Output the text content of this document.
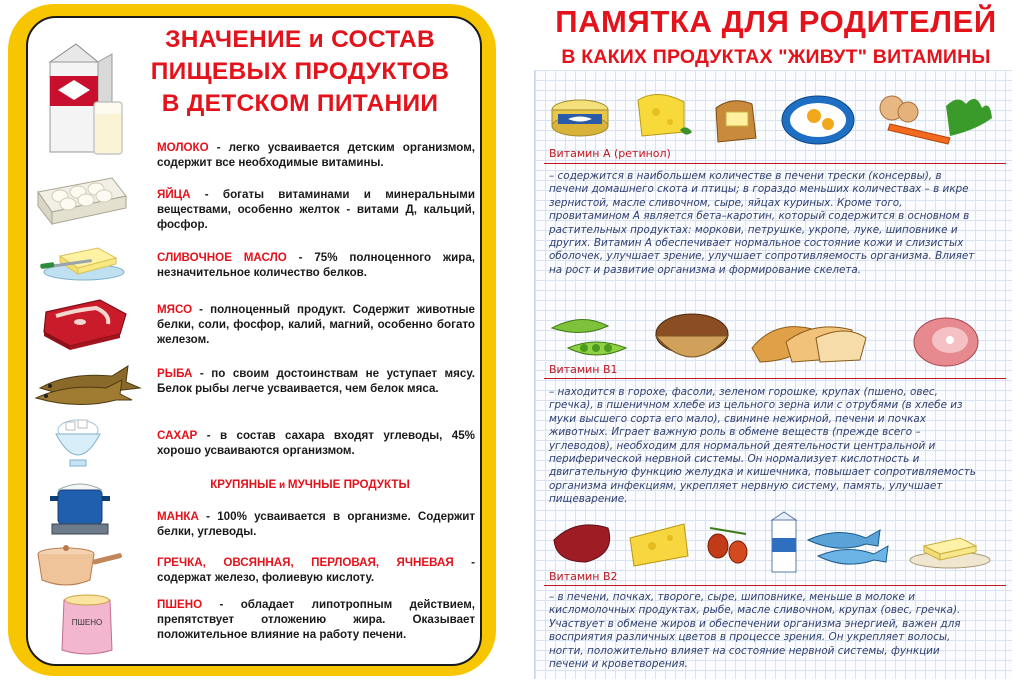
ЗНАЧЕНИЕ и СОСТАВ
ПИЩЕВЫХ ПРОДУКТОВ
В ДЕТСКОМ ПИТАНИИ
МОЛОКО - легко усваивается детским организмом, содержит все необходимые витамины.
ЯЙЦА - богаты витаминами и минеральными веществами, особенно желток - витами Д, кальций, фосфор.
СЛИВОЧНОЕ МАСЛО - 75% полноценного жира, незначительное количество белков.
МЯСО - полноценный продукт. Содержит животные белки, соли, фосфор, калий, магний, особенно богато железом.
РЫБА - по своим достоинствам не уступает мясу. Белок рыбы легче усваивается, чем белок мяса.
САХАР - в состав сахара входят углеводы, 45% хорошо усваиваются организмом.
КРУПЯНЫЕ и МУЧНЫЕ ПРОДУКТЫ
МАНКА - 100% усваивается в организме. Содержит белки, углеводы.
ГРЕЧКА, ОВСЯННАЯ, ПЕРЛОВАЯ, ЯЧНЕВАЯ - содержат железо, фолиевую кислоту.
ПШЕНО
ПШЕНО - обладает липотропным действием, препятствует отложению жира. Оказывает положительное влияние на работу печени.
ПАМЯТКА ДЛЯ РОДИТЕЛЕЙ
В КАКИХ ПРОДУКТАХ "ЖИВУТ" ВИТАМИНЫ
Витамин А (ретинол)
– содержится в наибольшем количестве в печени трески (консервы), в печени домашнего скота и птицы; в гораздо меньших количествах – в икре зернистой, масле сливочном, сыре, яйцах куриных. Кроме того, провитамином А является бета–каротин, который содержится в основном в растительных продуктах: моркови, петрушке, укропе, луке, шиповнике и других. Витамин А обеспечивает нормальное состояние кожи и слизистых оболочек, улучшает зрение, улучшает сопротивляемость организма. Влияет на рост и развитие организма и формирование скелета.
Витамин В1
– находится в горохе, фасоли, зеленом горошке, крупах (пшено, овес, гречка), в пшеничном хлебе из цельного зерна или с отрубями (в хлебе из муки высшего сорта его мало), свинине нежирной, печени и почках животных. Играет важную роль в обмене веществ (прежде всего – углеводов), необходим для нормальной деятельности центральной и периферической нервной системы. Он нормализует кислотность и двигательную функцию желудка и кишечника, повышает сопротивляемость организма инфекциям, укрепляет нервную систему, память, улучшает пищеварение.
Витамин В2
– в печени, почках, твороге, сыре, шиповнике, меньше в молоке и кисломолочных продуктах, рыбе, масле сливочном, крупах (овес, гречка). Участвует в обмене жиров и обеспечении организма энергией, важен для восприятия различных цветов в процессе зрения. Он укрепляет волосы, ногти, положительно влияет на состояние нервной системы, функции печени и кроветворения.
